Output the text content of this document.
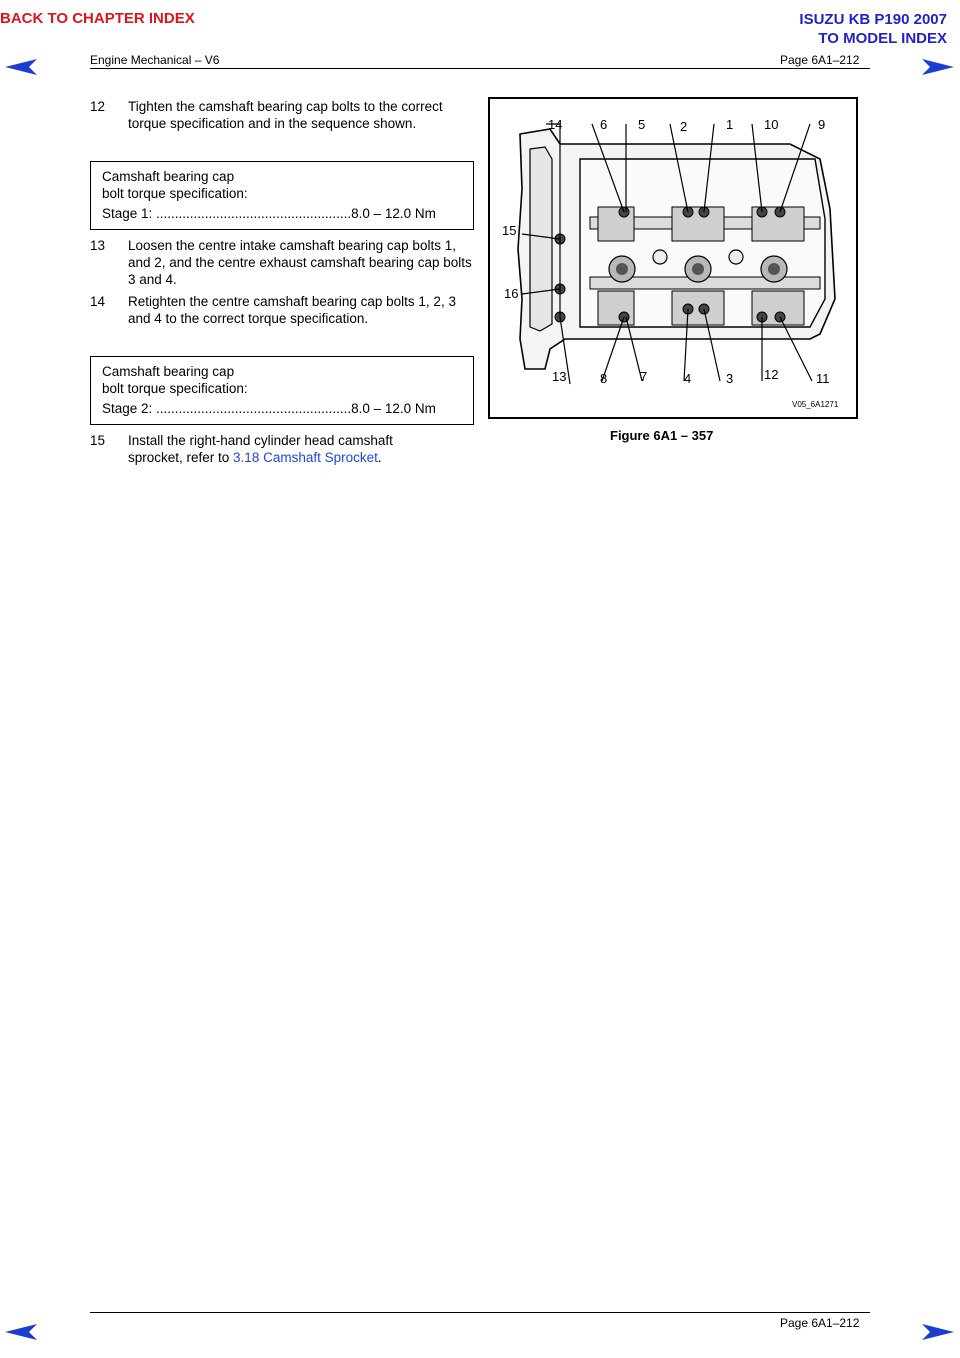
BACK TO CHAPTER INDEX	ISUZU KB P190 2007
TO MODEL INDEX
Engine Mechanical – V6	Page 6A1–212
12 Tighten the camshaft bearing cap bolts to the correct torque specification and in the sequence shown.
Camshaft bearing cap
bolt torque specification:
Stage 1: ....................................................8.0 – 12.0 Nm
13 Loosen the centre intake camshaft bearing cap bolts 1, and 2, and the centre exhaust camshaft bearing cap bolts 3 and 4.
14 Retighten the centre camshaft bearing cap bolts 1, 2, 3 and 4 to the correct torque specification.
Camshaft bearing cap
bolt torque specification:
Stage 2: ....................................................8.0 – 12.0 Nm
15 Install the right-hand cylinder head camshaft sprocket, refer to 3.18 Camshaft Sprocket.
14	6 5	2	1 10	9
15
16
13	8	7	4	3 12	11
V05_6A1271
Figure 6A1 – 357
Page 6A1–212
